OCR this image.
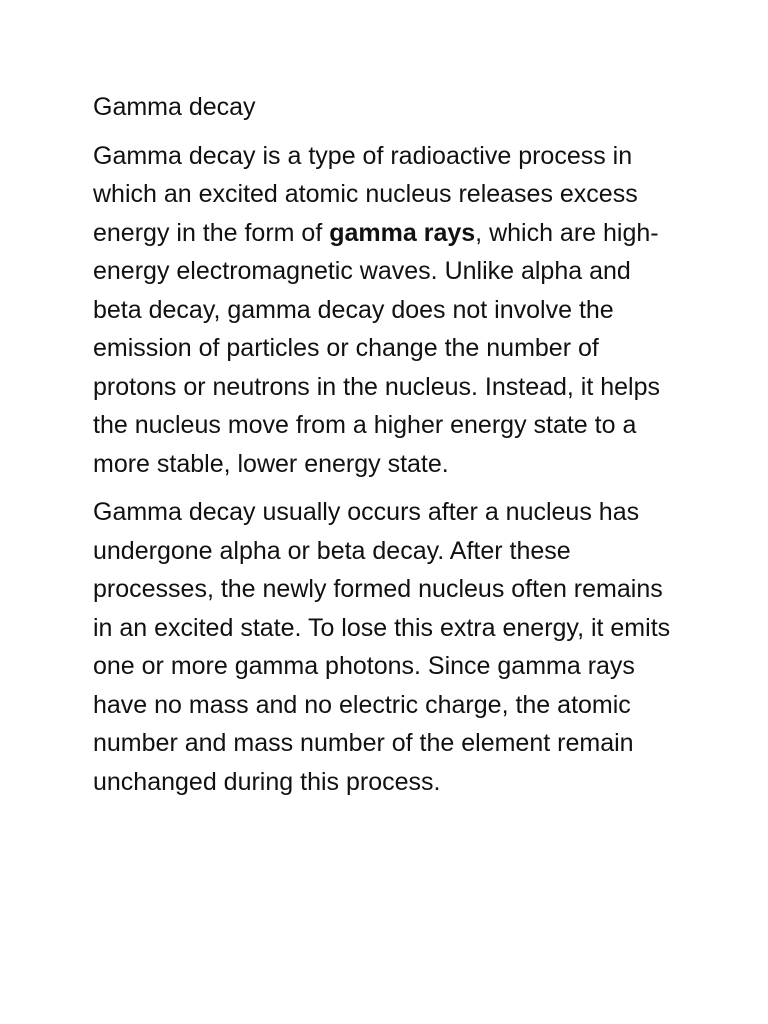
Gamma decay

Gamma decay is a type of radioactive process in which an excited atomic nucleus releases excess energy in the form of gamma rays, which are high-energy electromagnetic waves. Unlike alpha and beta decay, gamma decay does not involve the emission of particles or change the number of protons or neutrons in the nucleus. Instead, it helps the nucleus move from a higher energy state to a more stable, lower energy state.

Gamma decay usually occurs after a nucleus has undergone alpha or beta decay. After these processes, the newly formed nucleus often remains in an excited state. To lose this extra energy, it emits one or more gamma photons. Since gamma rays have no mass and no electric charge, the atomic number and mass number of the element remain unchanged during this process.
